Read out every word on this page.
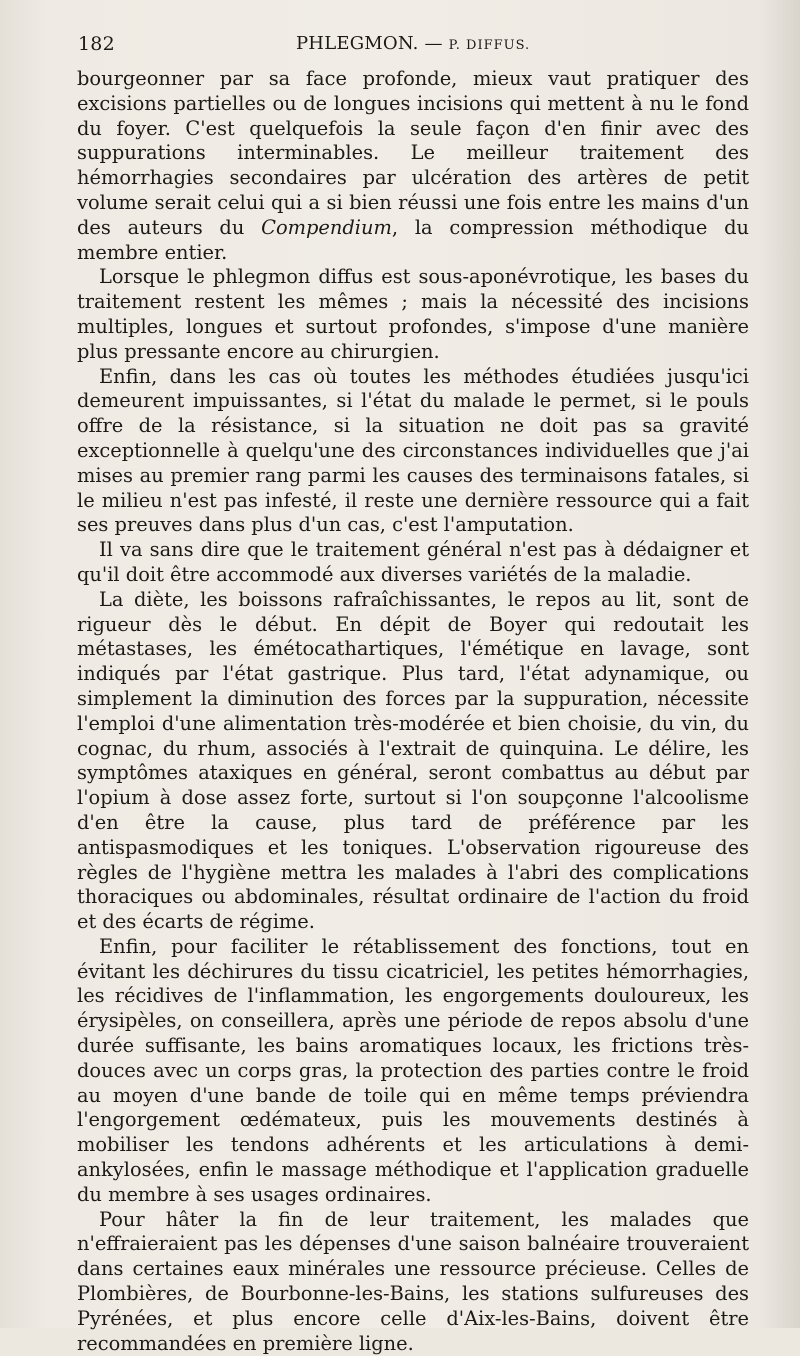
182	PHLEGMON. — P. DIFFUS.

bourgeonner par sa face profonde, mieux vaut pratiquer des excisions partielles ou de longues incisions qui mettent à nu le fond du foyer. C'est quelquefois la seule façon d'en finir avec des suppurations interminables. Le meilleur traitement des hémorrhagies secondaires par ulcération des artères de petit volume serait celui qui a si bien réussi une fois entre les mains d'un des auteurs du Compendium, la compression méthodique du membre entier.

Lorsque le phlegmon diffus est sous-aponévrotique, les bases du traitement restent les mêmes ; mais la nécessité des incisions multiples, longues et surtout profondes, s'impose d'une manière plus pressante encore au chirurgien.

Enfin, dans les cas où toutes les méthodes étudiées jusqu'ici demeurent impuissantes, si l'état du malade le permet, si le pouls offre de la résistance, si la situation ne doit pas sa gravité exceptionnelle à quelqu'une des circonstances individuelles que j'ai mises au premier rang parmi les causes des terminaisons fatales, si le milieu n'est pas infesté, il reste une dernière ressource qui a fait ses preuves dans plus d'un cas, c'est l'amputation.

Il va sans dire que le traitement général n'est pas à dédaigner et qu'il doit être accommodé aux diverses variétés de la maladie.

La diète, les boissons rafraîchissantes, le repos au lit, sont de rigueur dès le début. En dépit de Boyer qui redoutait les métastases, les émétocathartiques, l'émétique en lavage, sont indiqués par l'état gastrique. Plus tard, l'état adynamique, ou simplement la diminution des forces par la suppuration, nécessite l'emploi d'une alimentation très-modérée et bien choisie, du vin, du cognac, du rhum, associés à l'extrait de quinquina. Le délire, les symptômes ataxiques en général, seront combattus au début par l'opium à dose assez forte, surtout si l'on soupçonne l'alcoolisme d'en être la cause, plus tard de préférence par les antispasmodiques et les toniques. L'observation rigoureuse des règles de l'hygiène mettra les malades à l'abri des complications thoraciques ou abdominales, résultat ordinaire de l'action du froid et des écarts de régime.

Enfin, pour faciliter le rétablissement des fonctions, tout en évitant les déchirures du tissu cicatriciel, les petites hémorrhagies, les récidives de l'inflammation, les engorgements douloureux, les érysipèles, on conseillera, après une période de repos absolu d'une durée suffisante, les bains aromatiques locaux, les frictions très-douces avec un corps gras, la protection des parties contre le froid au moyen d'une bande de toile qui en même temps préviendra l'engorgement œdémateux, puis les mouvements destinés à mobiliser les tendons adhérents et les articulations à demi-ankylosées, enfin le massage méthodique et l'application graduelle du membre à ses usages ordinaires.

Pour hâter la fin de leur traitement, les malades que n'effraieraient pas les dépenses d'une saison balnéaire trouveraient dans certaines eaux minérales une ressource précieuse. Celles de Plombières, de Bourbonne-les-Bains, les stations sulfureuses des Pyrénées, et plus encore celle d'Aix-les-Bains, doivent être recommandées en première ligne.
